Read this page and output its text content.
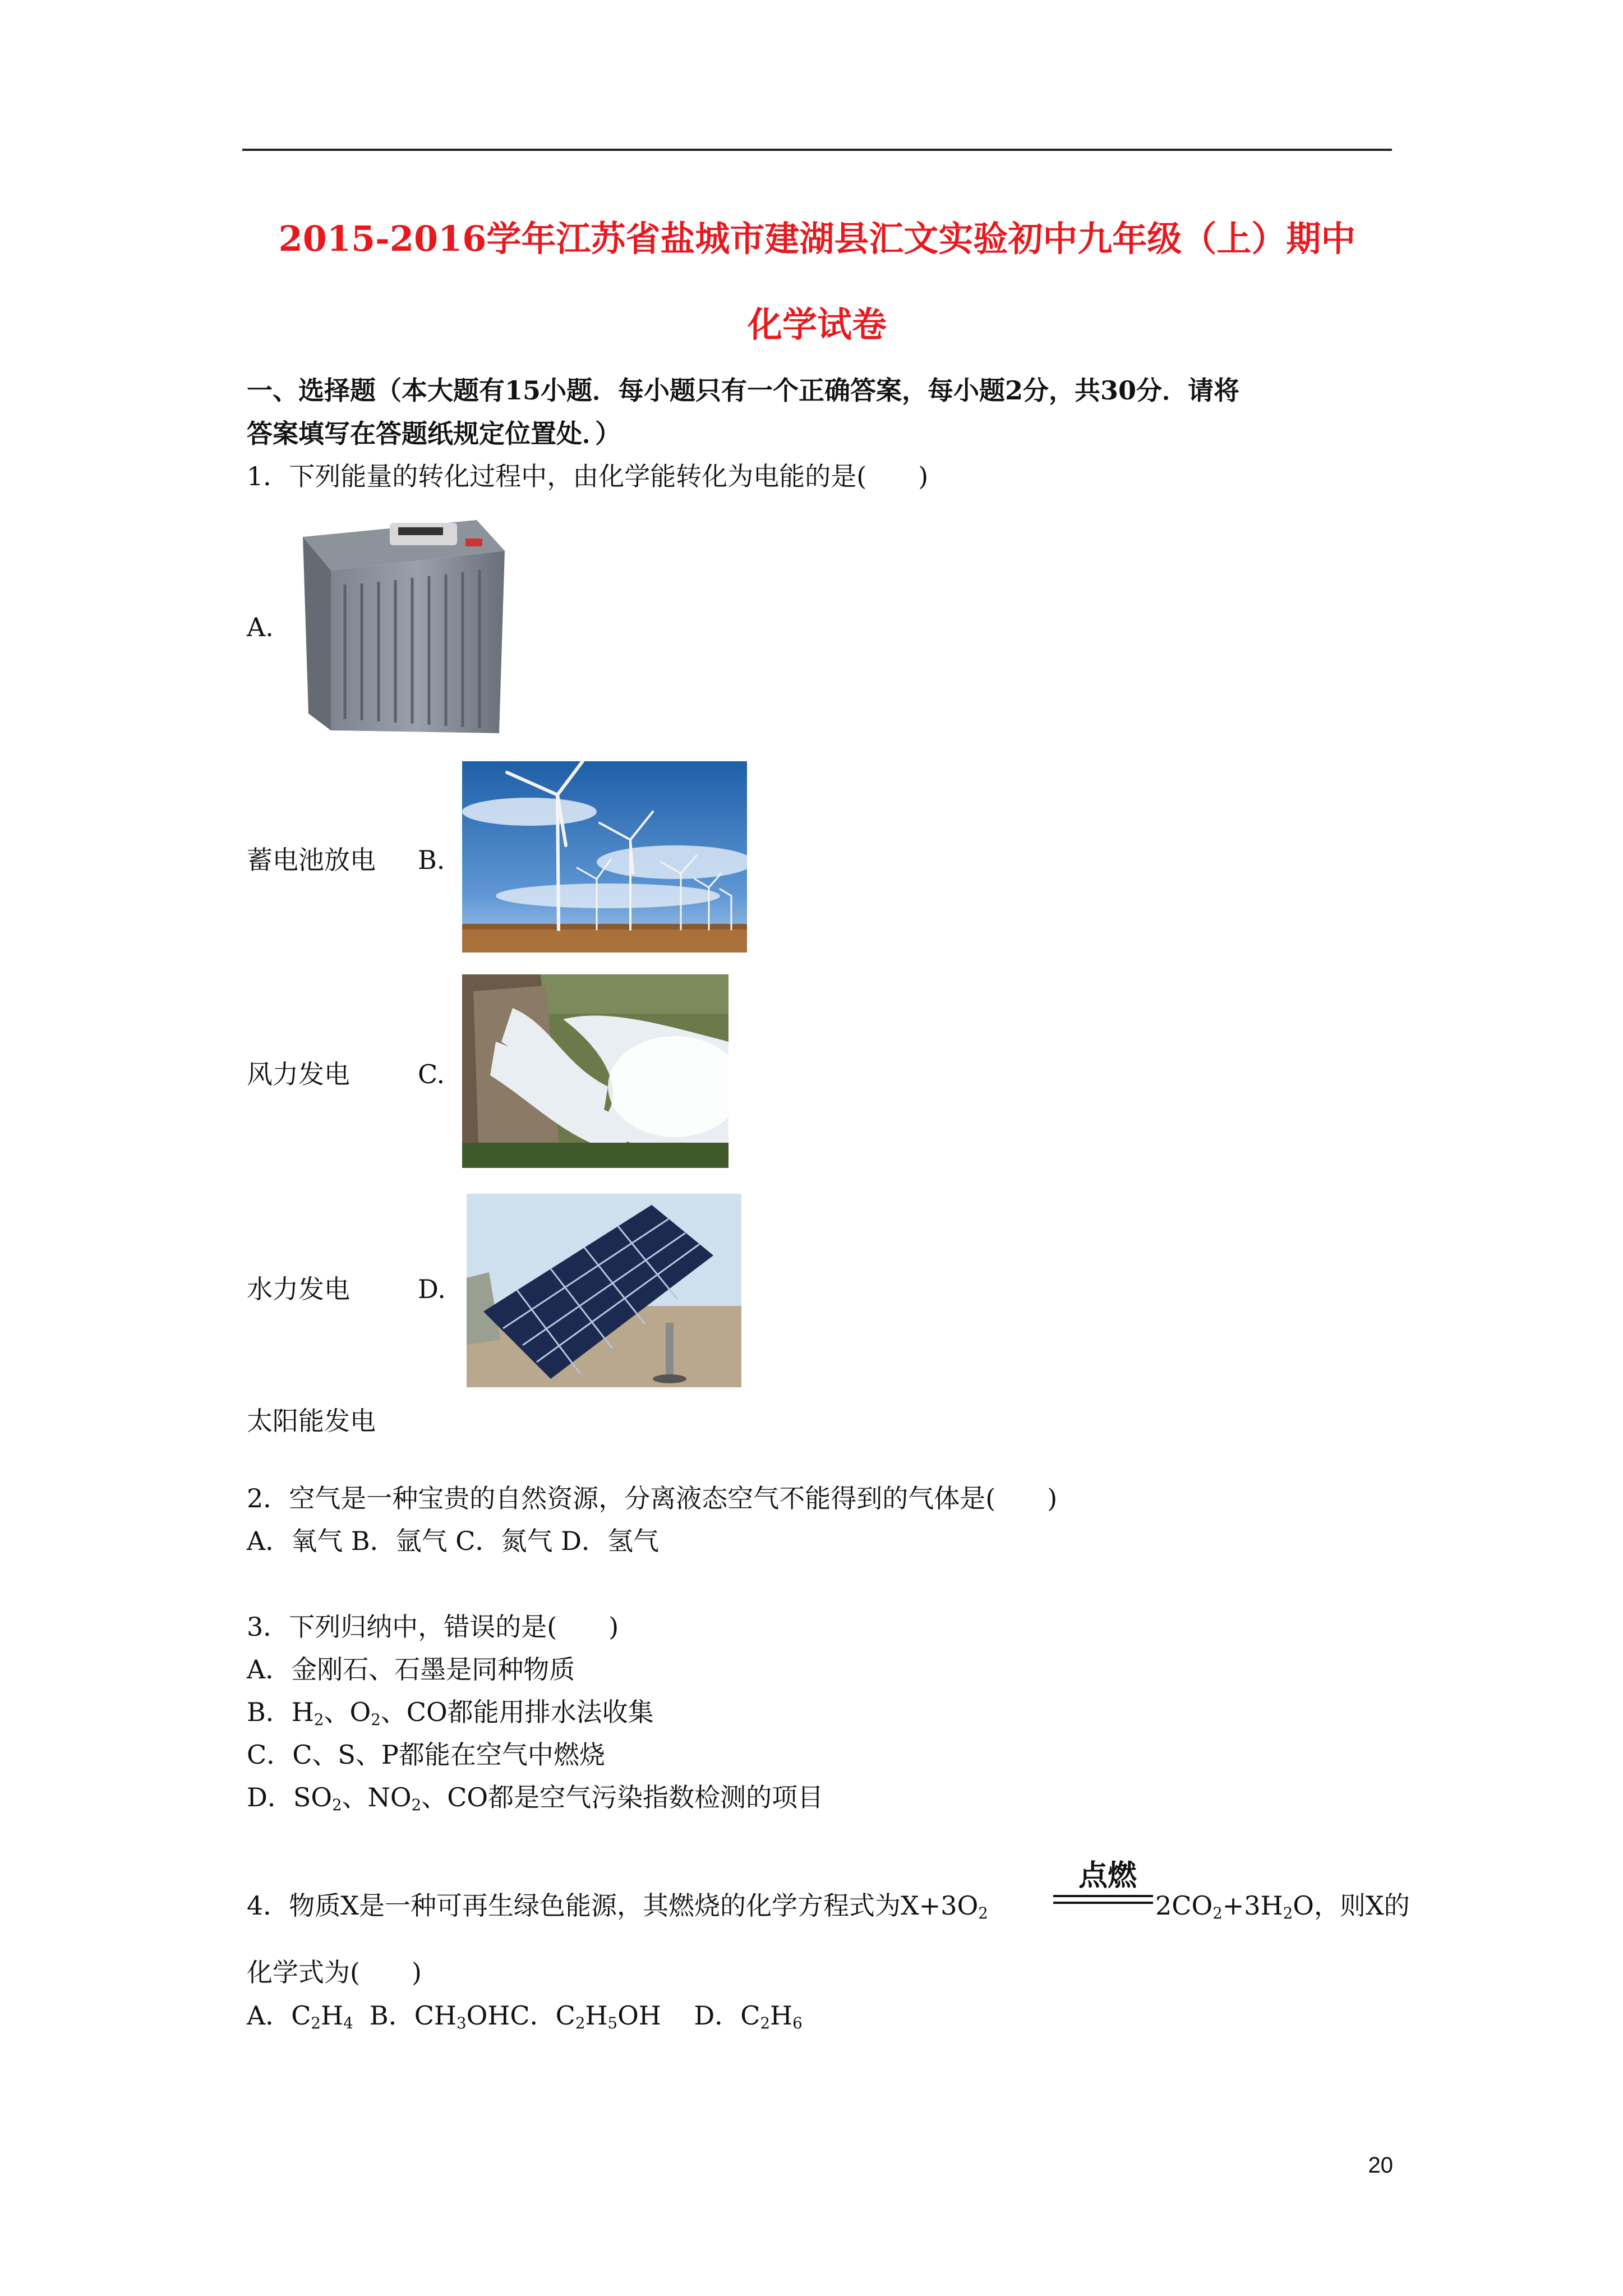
2015-2016学年江苏省盐城市建湖县汇文实验初中九年级（上）期中
化学试卷
一、选择题（本大题有15小题．每小题只有一个正确答案，每小题2分，共30分．请将
答案填写在答题纸规定位置处．）
1．下列能量的转化过程中，由化学能转化为电能的是(　　)
A.
蓄电池放电 B.
风力发电	C.
水力发电	D.
太阳能发电
2．空气是一种宝贵的自然资源，分离液态空气不能得到的气体是(　　)
A．氧气 B．氩气 C．氮气 D．氢气
3．下列归纳中，错误的是(　　)
A．金刚石、石墨是同种物质
B．$H_2$、$O_2$、CO都能用排水法收集
C．C、S、P都能在空气中燃烧
D．$SO_2$、$NO_2$、CO都是空气污染指数检测的项目
点燃
4．物质X是一种可再生绿色能源，其燃烧的化学方程式为$X+3O_2$	$2CO_2+3H_2O$，则X的
化学式为(　　)
A．$C_2H_4$  B．$CH_3OHC$．$C_2H_5OH$    D．$C_2H_6$
20
